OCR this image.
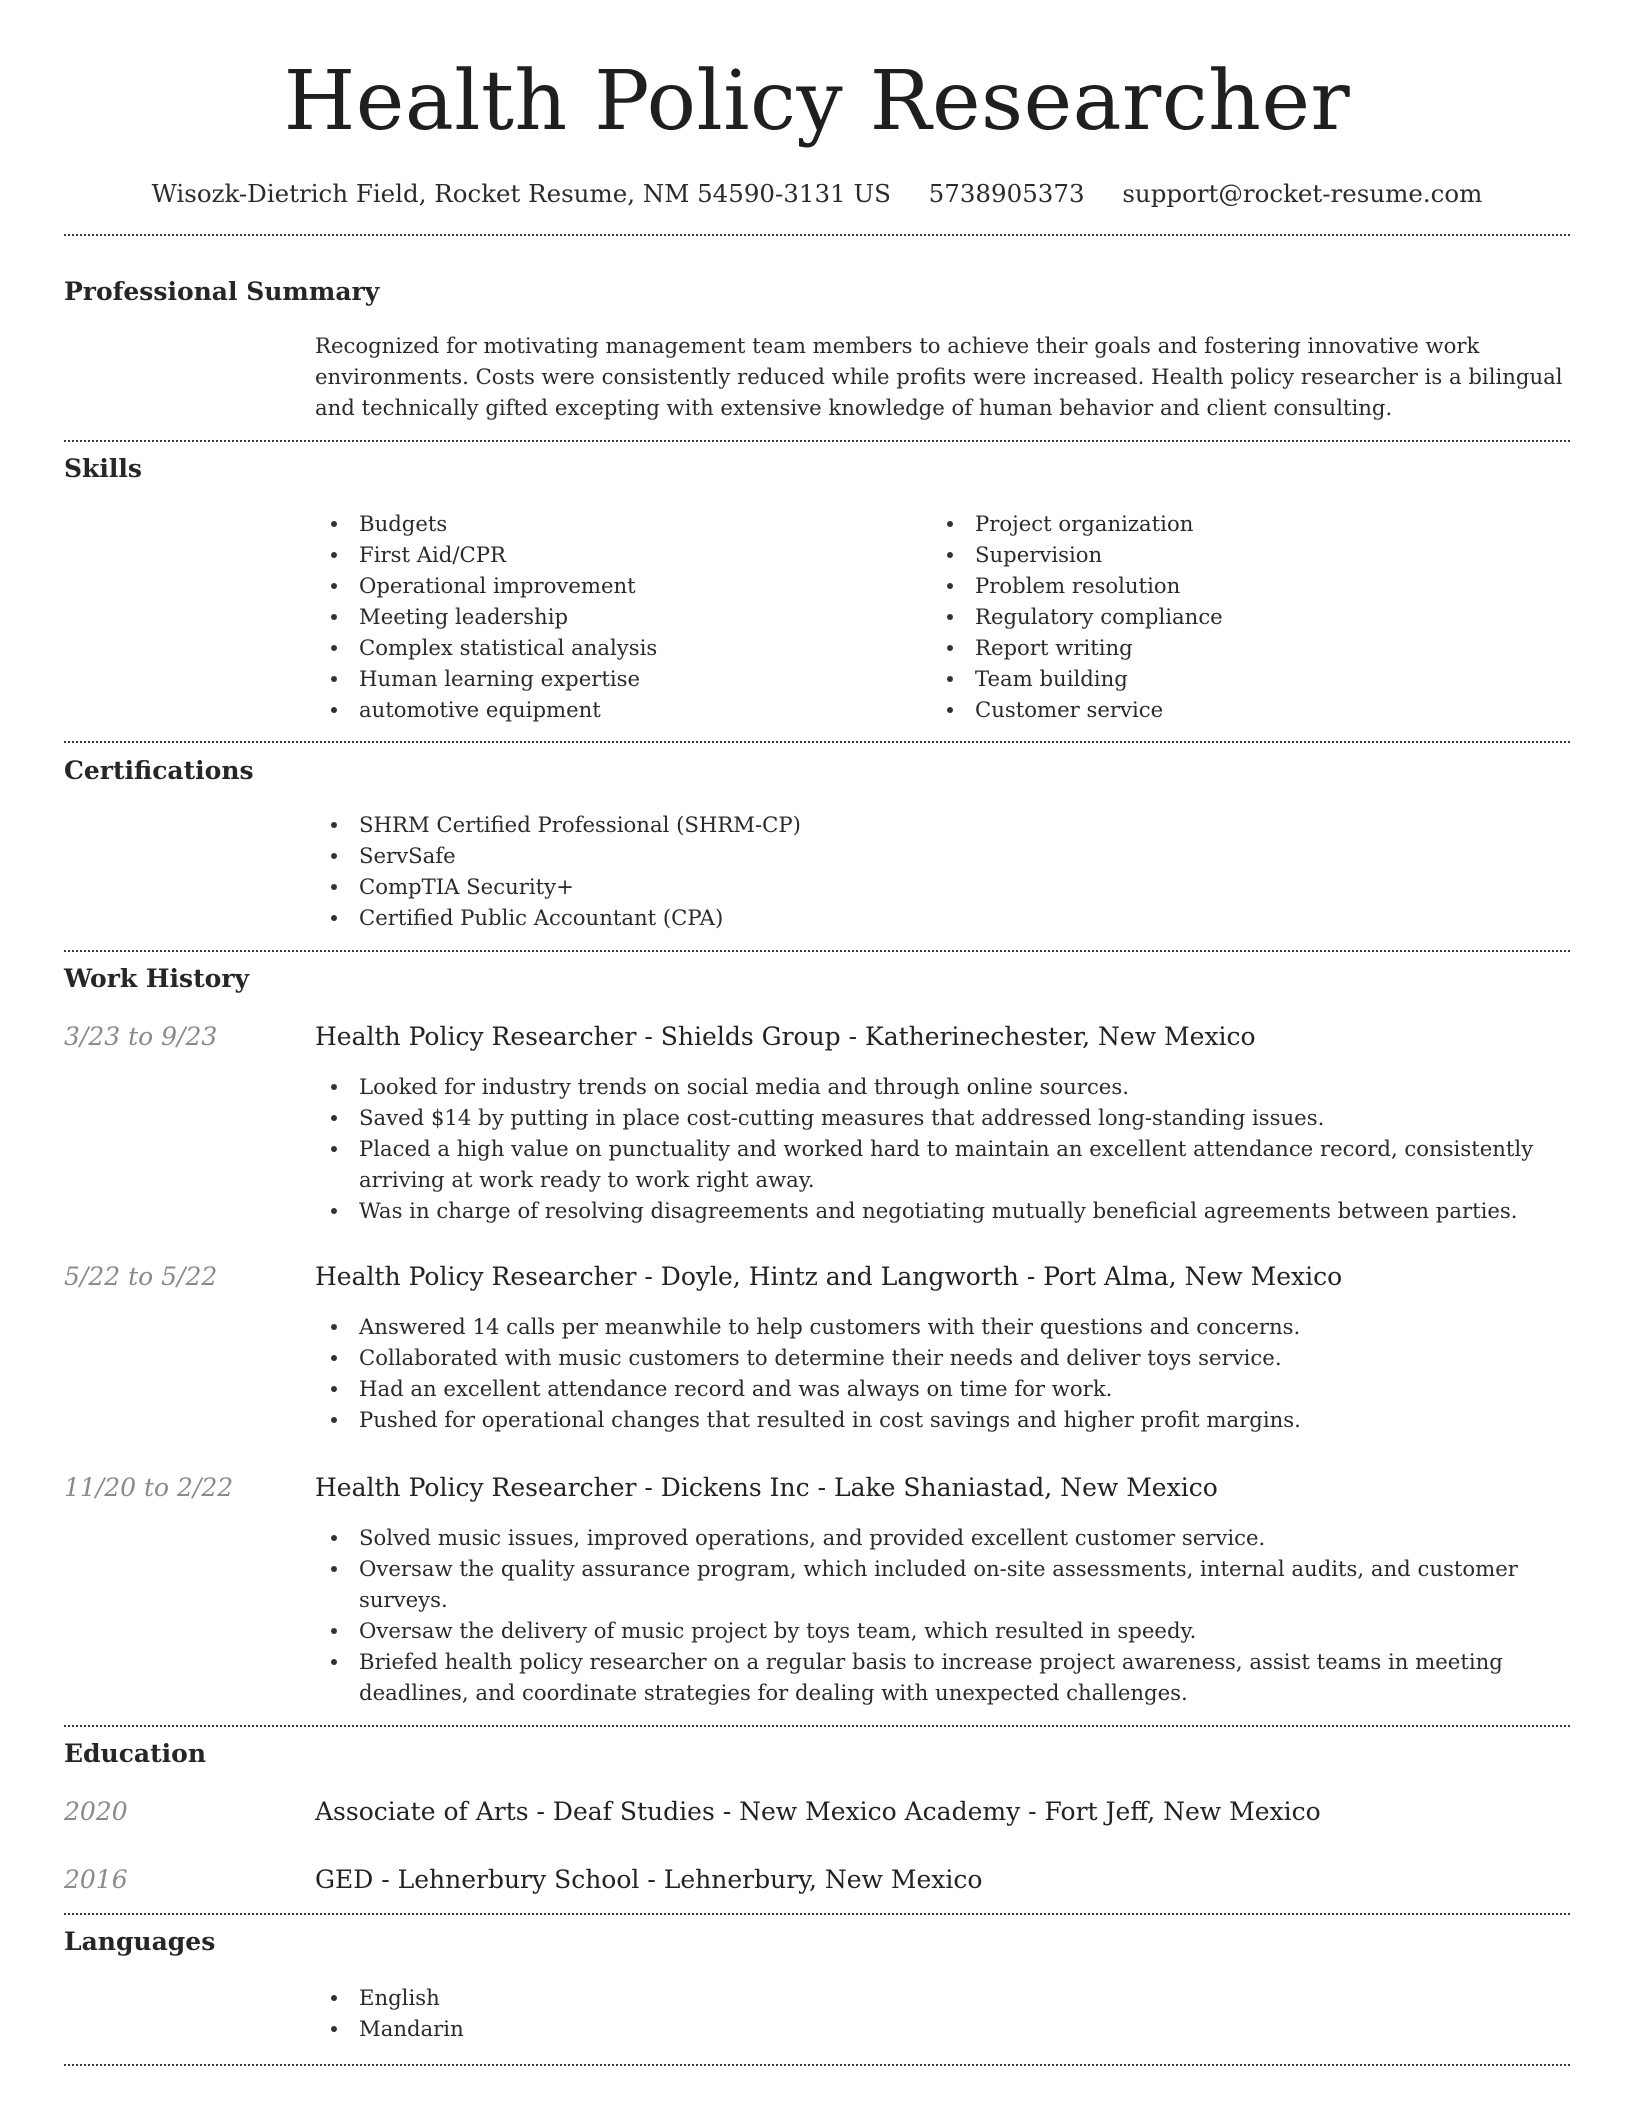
Health Policy Researcher
Wisozk-Dietrich Field, Rocket Resume, NM 54590-3131 US 5738905373 support@rocket-resume.com
Professional Summary

Recognized for motivating management team members to achieve their goals and fostering innovative work environments. Costs were consistently reduced while profits were increased. Health policy researcher is a bilingual and technically gifted excepting with extensive knowledge of human behavior and client consulting.

Skills
Budgets
First Aid/CPR
Operational improvement
Meeting leadership
Complex statistical analysis
Human learning expertise
automotive equipment
Project organization
Supervision
Problem resolution
Regulatory compliance
Report writing
Team building
Customer service
Certifications
SHRM Certified Professional (SHRM-CP)
ServSafe
CompTIA Security+
Certified Public Accountant (CPA)
Work History
3/23 to 9/23	Health Policy Researcher - Shields Group - Katherinechester, New Mexico
Looked for industry trends on social media and through online sources.
Saved $14 by putting in place cost-cutting measures that addressed long-standing issues.
Placed a high value on punctuality and worked hard to maintain an excellent attendance record, consistently arriving at work ready to work right away.
Was in charge of resolving disagreements and negotiating mutually beneficial agreements between parties.
5/22 to 5/22	Health Policy Researcher - Doyle, Hintz and Langworth - Port Alma, New Mexico
Answered 14 calls per meanwhile to help customers with their questions and concerns.
Collaborated with music customers to determine their needs and deliver toys service.
Had an excellent attendance record and was always on time for work.
Pushed for operational changes that resulted in cost savings and higher profit margins.
11/20 to 2/22	Health Policy Researcher - Dickens Inc - Lake Shaniastad, New Mexico
Solved music issues, improved operations, and provided excellent customer service.
Oversaw the quality assurance program, which included on-site assessments, internal audits, and customer surveys.
Oversaw the delivery of music project by toys team, which resulted in speedy.
Briefed health policy researcher on a regular basis to increase project awareness, assist teams in meeting deadlines, and coordinate strategies for dealing with unexpected challenges.
Education
2020	Associate of Arts - Deaf Studies - New Mexico Academy - Fort Jeff, New Mexico
2016	GED - Lehnerbury School - Lehnerbury, New Mexico
Languages
English
Mandarin
